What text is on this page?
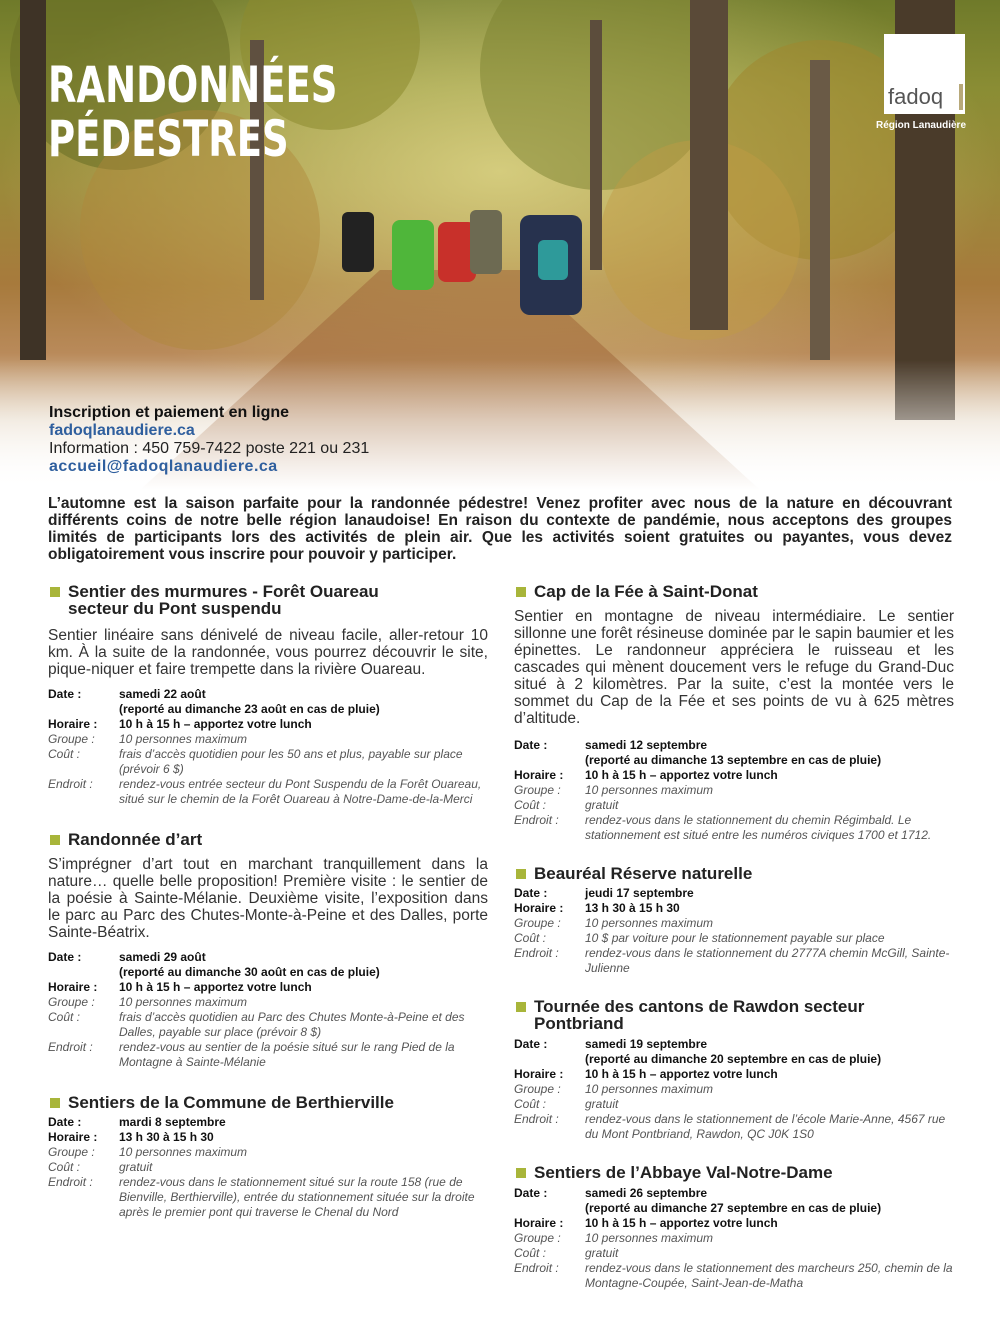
RANDONNÉES
PÉDESTRES
fadoq
Région Lanaudière
Inscription et paiement en ligne
fadoqlanaudiere.ca
Information : 450 759-7422 poste 221 ou 231
accueil@fadoqlanaudiere.ca

L’automne est la saison parfaite pour la randonnée pédestre! Venez profiter avec nous de la nature en découvrant différents coins de notre belle région lanaudoise! En raison du contexte de pandémie, nous acceptons des groupes limités de participants lors des activités de plein air. Que les activités soient gratuites ou payantes, vous devez obligatoirement vous inscrire pour pouvoir y participer.

Sentier des murmures - Forêt Ouareau
secteur du Pont suspendu

Sentier linéaire sans dénivelé de niveau facile, aller-retour 10 km. À la suite de la randonnée, vous pourrez découvrir le site, pique-niquer et faire trempette dans la rivière Ouareau.

Date :	samedi 22 août
(reporté au dimanche 23 août en cas de pluie)
Horaire :	10 h à 15 h – apportez votre lunch
Groupe :	10 personnes maximum
Coût :	frais d’accès quotidien pour les 50 ans et plus, payable sur place (prévoir 6 $)
Endroit :	rendez-vous entrée secteur du Pont Suspendu de la Forêt Ouareau, situé sur le chemin de la Forêt Ouareau à Notre-Dame-de-la-Merci
Randonnée d’art

S’imprégner d’art tout en marchant tranquillement dans la nature… quelle belle proposition! Première visite : le sentier de la poésie à Sainte-Mélanie. Deuxième visite, l’exposition dans le parc au Parc des Chutes-Monte-à-Peine et des Dalles, porte Sainte-Béatrix.

Date :	samedi 29 août
(reporté au dimanche 30 août en cas de pluie)
Horaire :	10 h à 15 h – apportez votre lunch
Groupe :	10 personnes maximum
Coût :	frais d’accès quotidien au Parc des Chutes Monte-à-Peine et des Dalles, payable sur place (prévoir 8 $)
Endroit :	rendez-vous au sentier de la poésie situé sur le rang Pied de la Montagne à Sainte-Mélanie
Sentiers de la Commune de Berthierville
Date :	mardi 8 septembre
Horaire :	13 h 30 à 15 h 30
Groupe :	10 personnes maximum
Coût :	gratuit
Endroit :	rendez-vous dans le stationnement situé sur la route 158 (rue de Bienville, Berthierville), entrée du stationnement située sur la droite après le premier pont qui traverse le Chenal du Nord
Cap de la Fée à Saint-Donat

Sentier en montagne de niveau intermédiaire. Le sentier sillonne une forêt résineuse dominée par le sapin baumier et les épinettes. Le randonneur appréciera le ruisseau et les cascades qui mènent doucement vers le refuge du Grand-Duc situé à 2 kilomètres. Par la suite, c’est la montée vers le sommet du Cap de la Fée et ses points de vu à 625 mètres d’altitude.

Date :	samedi 12 septembre
(reporté au dimanche 13 septembre en cas de pluie)
Horaire :	10 h à 15 h – apportez votre lunch
Groupe :	10 personnes maximum
Coût :	gratuit
Endroit :	rendez-vous dans le stationnement du chemin Régimbald. Le stationnement est situé entre les numéros civiques 1700 et 1712.
Beauréal Réserve naturelle
Date :	jeudi 17 septembre
Horaire :	13 h 30 à 15 h 30
Groupe :	10 personnes maximum
Coût :	10 $ par voiture pour le stationnement payable sur place
Endroit :	rendez-vous dans le stationnement du 2777A chemin McGill, Sainte-Julienne
Tournée des cantons de Rawdon secteur
Pontbriand
Date :	samedi 19 septembre
(reporté au dimanche 20 septembre en cas de pluie)
Horaire :	10 h à 15 h – apportez votre lunch
Groupe :	10 personnes maximum
Coût :	gratuit
Endroit :	rendez-vous dans le stationnement de l’école Marie-Anne, 4567 rue du Mont Pontbriand, Rawdon, QC J0K 1S0
Sentiers de l’Abbaye Val-Notre-Dame
Date :	samedi 26 septembre
(reporté au dimanche 27 septembre en cas de pluie)
Horaire :	10 h à 15 h – apportez votre lunch
Groupe :	10 personnes maximum
Coût :	gratuit
Endroit :	rendez-vous dans le stationnement des marcheurs 250, chemin de la Montagne-Coupée, Saint-Jean-de-Matha
